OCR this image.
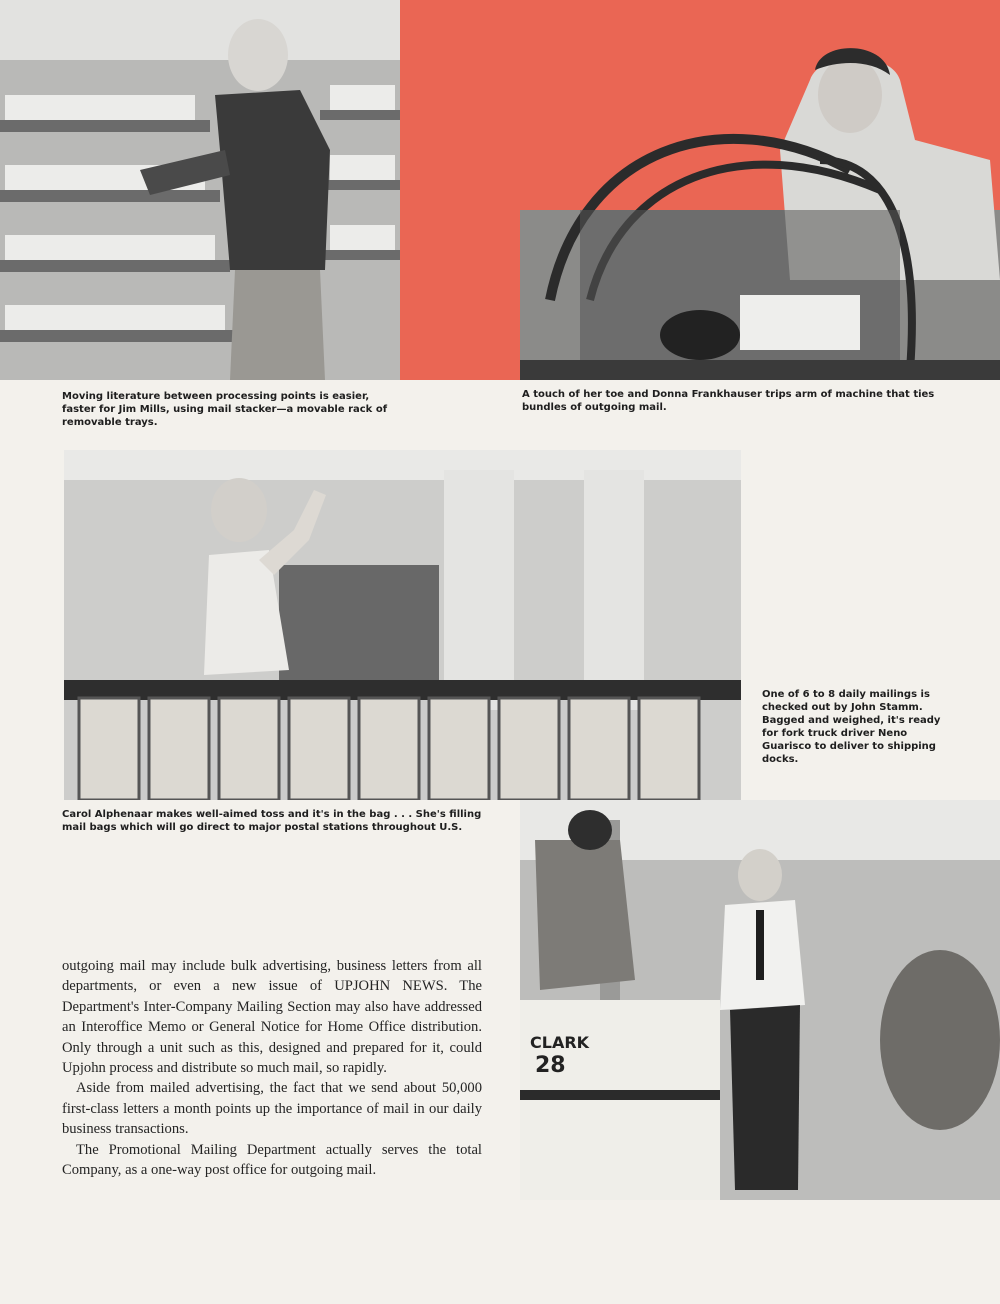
Moving literature between processing points is easier, faster for Jim Mills, using mail stacker—a movable rack of removable trays.

A touch of her toe and Donna Frankhauser trips arm of machine that ties bundles of outgoing mail.

Carol Alphenaar makes well-aimed toss and it's in the bag . . . She's filling mail bags which will go direct to major postal stations throughout U.S.

One of 6 to 8 daily mailings is checked out by John Stamm. Bagged and weighed, it's ready for fork truck driver Neno Guarisco to deliver to shipping docks.

CLARK
28

outgoing mail may include bulk advertising, business letters from all departments, or even a new issue of UPJOHN NEWS. The Department's Inter-Company Mailing Section may also have addressed an Interoffice Memo or General Notice for Home Office distribution. Only through a unit such as this, designed and prepared for it, could Upjohn process and distribute so much mail, so rapidly.

Aside from mailed advertising, the fact that we send about 50,000 first-class letters a month points up the importance of mail in our daily business transactions.

The Promotional Mailing Department actually serves the total Company, as a one-way post office for outgoing mail.
